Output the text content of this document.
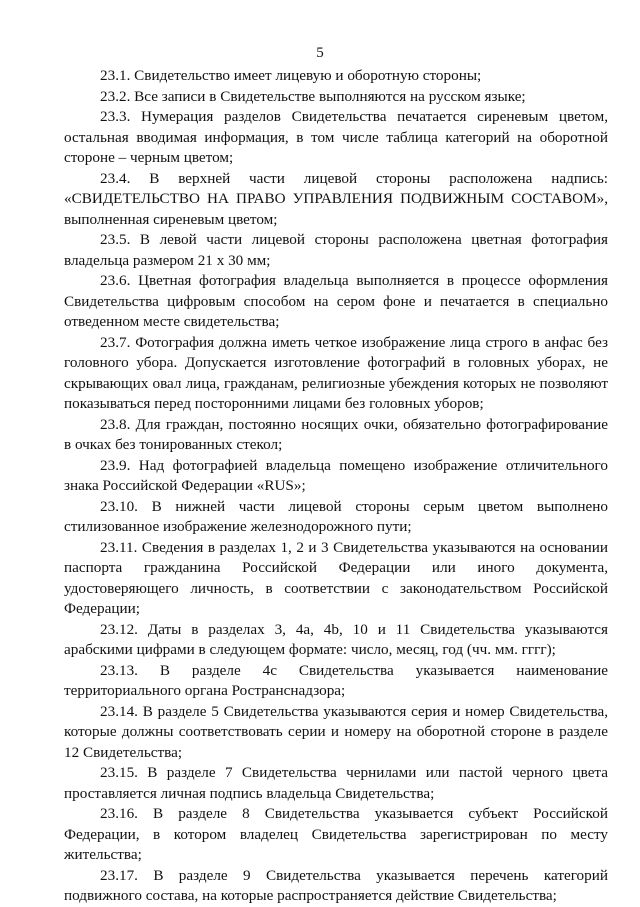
5

23.1. Свидетельство имеет лицевую и оборотную стороны;

23.2. Все записи в Свидетельстве выполняются на русском языке;

23.3. Нумерация разделов Свидетельства печатается сиреневым цветом, остальная вводимая информация, в том числе таблица категорий на оборотной стороне – черным цветом;

23.4. В верхней части лицевой стороны расположена надпись: «СВИДЕТЕЛЬСТВО НА ПРАВО УПРАВЛЕНИЯ ПОДВИЖНЫМ СОСТАВОМ», выполненная сиреневым цветом;

23.5. В левой части лицевой стороны расположена цветная фотография владельца размером 21 x 30 мм;

23.6. Цветная фотография владельца выполняется в процессе оформления Свидетельства цифровым способом на сером фоне и печатается в специально отведенном месте свидетельства;

23.7. Фотография должна иметь четкое изображение лица строго в анфас без головного убора. Допускается изготовление фотографий в головных уборах, не скрывающих овал лица, гражданам, религиозные убеждения которых не позволяют показываться перед посторонними лицами без головных уборов;

23.8. Для граждан, постоянно носящих очки, обязательно фотографирование в очках без тонированных стекол;

23.9. Над фотографией владельца помещено изображение отличительного знака Российской Федерации «RUS»;

23.10. В нижней части лицевой стороны серым цветом выполнено стилизованное изображение железнодорожного пути;

23.11. Сведения в разделах 1, 2 и 3 Свидетельства указываются на основании паспорта гражданина Российской Федерации или иного документа, удостоверяющего личность, в соответствии с законодательством Российской Федерации;

23.12. Даты в разделах 3, 4a, 4b, 10 и 11 Свидетельства указываются арабскими цифрами в следующем формате: число, месяц, год (чч. мм. гггг);

23.13. В разделе 4c Свидетельства указывается наименование территориального органа Ространснадзора;

23.14. В разделе 5 Свидетельства указываются серия и номер Свидетельства, которые должны соответствовать серии и номеру на оборотной стороне в разделе 12 Свидетельства;

23.15. В разделе 7 Свидетельства чернилами или пастой черного цвета проставляется личная подпись владельца Свидетельства;

23.16. В разделе 8 Свидетельства указывается субъект Российской Федерации, в котором владелец Свидетельства зарегистрирован по месту жительства;

23.17. В разделе 9 Свидетельства указывается перечень категорий подвижного состава, на которые распространяется действие Свидетельства;
